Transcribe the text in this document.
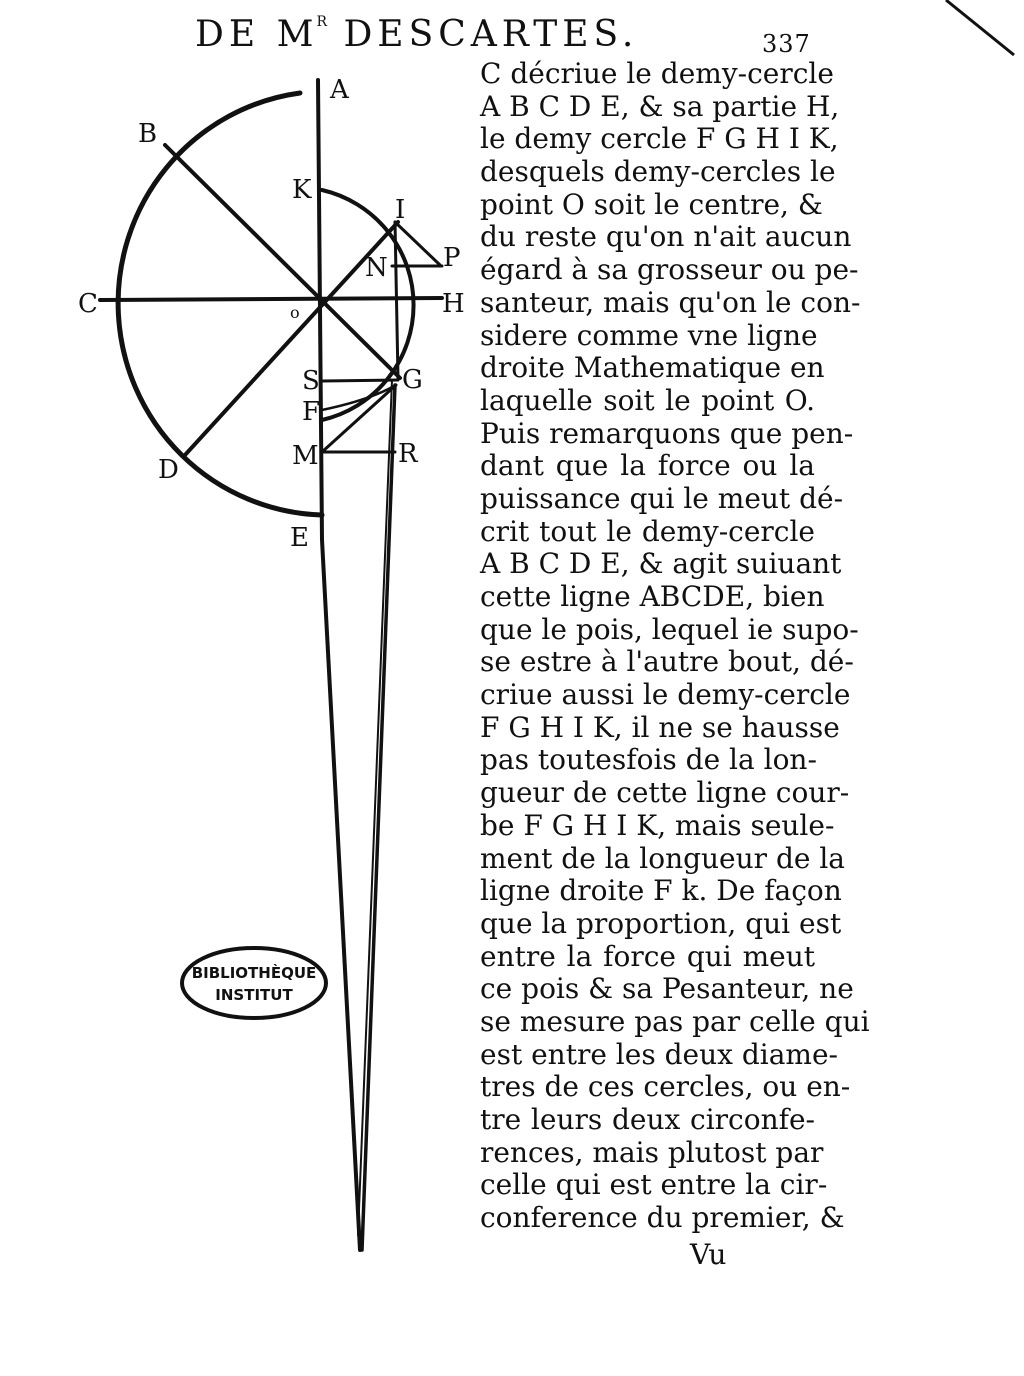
DE $M^R$ DESCARTES.	337
A
B
C
D
E
K
I
N P
H
o
S	G
F
M	R
C décriue le demy-cercle
A B C D E, & sa partie H,
le demy cercle F G H I K,
desquels demy-cercles le
point O soit le centre, &
du reste qu'on n'ait aucun
égard à sa grosseur ou pe-
santeur, mais qu'on le con-
sidere comme vne ligne
droite Mathematique en
laquelle soit le point O.
Puis remarquons que pen-
dant que la force ou la
puissance qui le meut dé-
crit tout le demy-cercle
A B C D E, & agit suiuant
cette ligne ABCDE, bien
que le pois, lequel ie supo-
se estre à l'autre bout, dé-
criue aussi le demy-cercle
F G H I K, il ne se hausse
pas toutesfois de la lon-
gueur de cette ligne cour-
be F G H I K, mais seule-
ment de la longueur de la
ligne droite F k. De façon
que la proportion, qui est
entre la force qui meut
ce pois & sa Pesanteur, ne
se mesure pas par celle qui
est entre les deux diame-
tres de ces cercles, ou en-
tre leurs deux circonfe-
rences, mais plutost par
celle qui est entre la cir-
conference du premier, &
Vu
BIBLIOTHÈQUE
INSTITUT
